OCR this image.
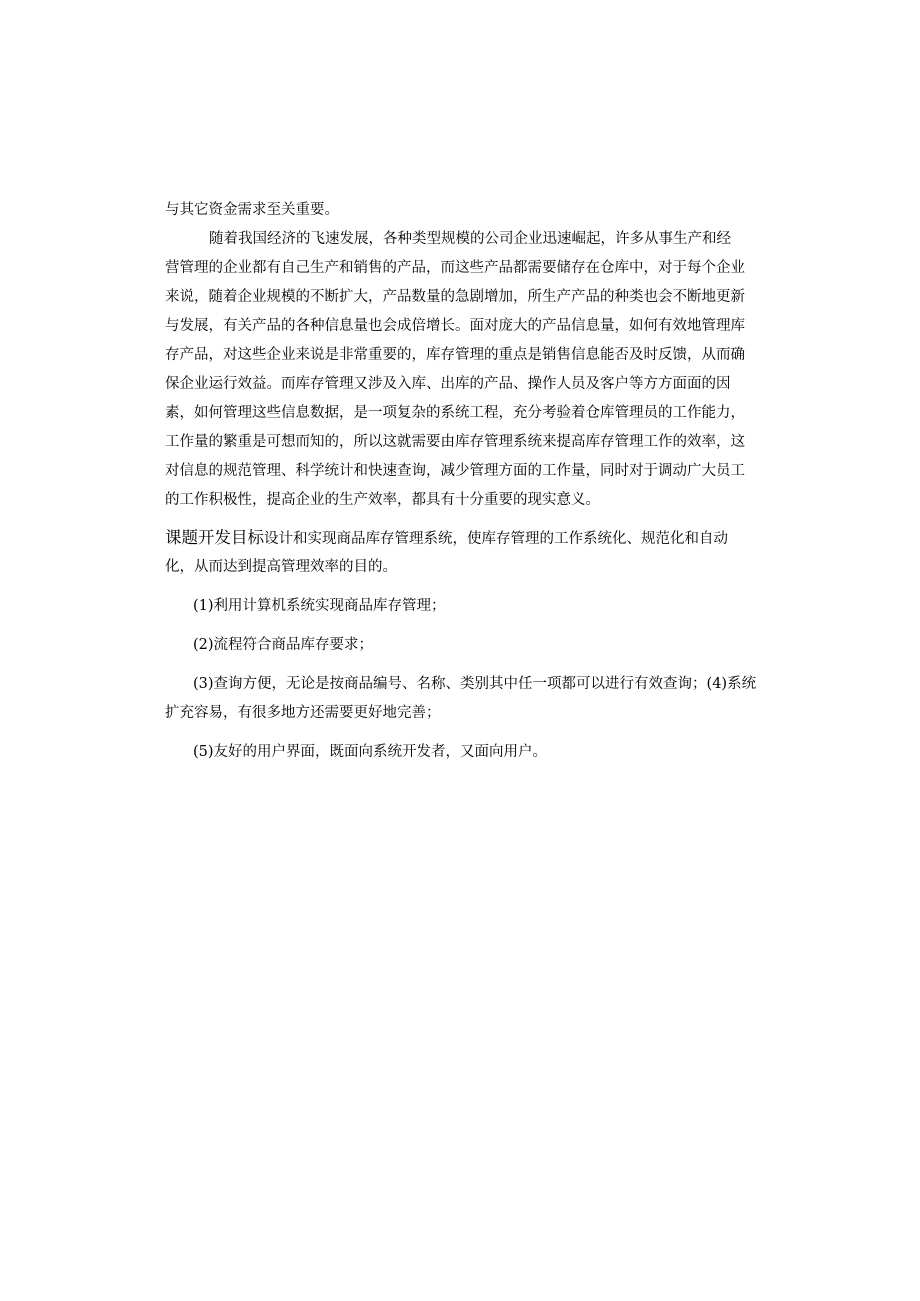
与其它资金需求至关重要。
随着我国经济的飞速发展，各种类型规模的公司企业迅速崛起，许多从事生产和经
营管理的企业都有自己生产和销售的产品，而这些产品都需要储存在仓库中，对于每个企业
来说，随着企业规模的不断扩大，产品数量的急剧增加，所生产产品的种类也会不断地更新
与发展，有关产品的各种信息量也会成倍增长。面对庞大的产品信息量，如何有效地管理库
存产品，对这些企业来说是非常重要的，库存管理的重点是销售信息能否及时反馈，从而确
保企业运行效益。而库存管理又涉及入库、出库的产品、操作人员及客户等方方面面的因
素，如何管理这些信息数据，是一项复杂的系统工程，充分考验着仓库管理员的工作能力，
工作量的繁重是可想而知的，所以这就需要由库存管理系统来提高库存管理工作的效率，这
对信息的规范管理、科学统计和快速查询，减少管理方面的工作量，同时对于调动广大员工
的工作积极性，提高企业的生产效率，都具有十分重要的现实意义。
课题开发目标设计和实现商品库存管理系统，使库存管理的工作系统化、规范化和自动
化，从而达到提高管理效率的目的。
(1)利用计算机系统实现商品库存管理；
(2)流程符合商品库存要求；
(3)查询方便，无论是按商品编号、名称、类别其中任一项都可以进行有效查询；(4)系统
扩充容易，有很多地方还需要更好地完善；
(5)友好的用户界面，既面向系统开发者，又面向用户。
